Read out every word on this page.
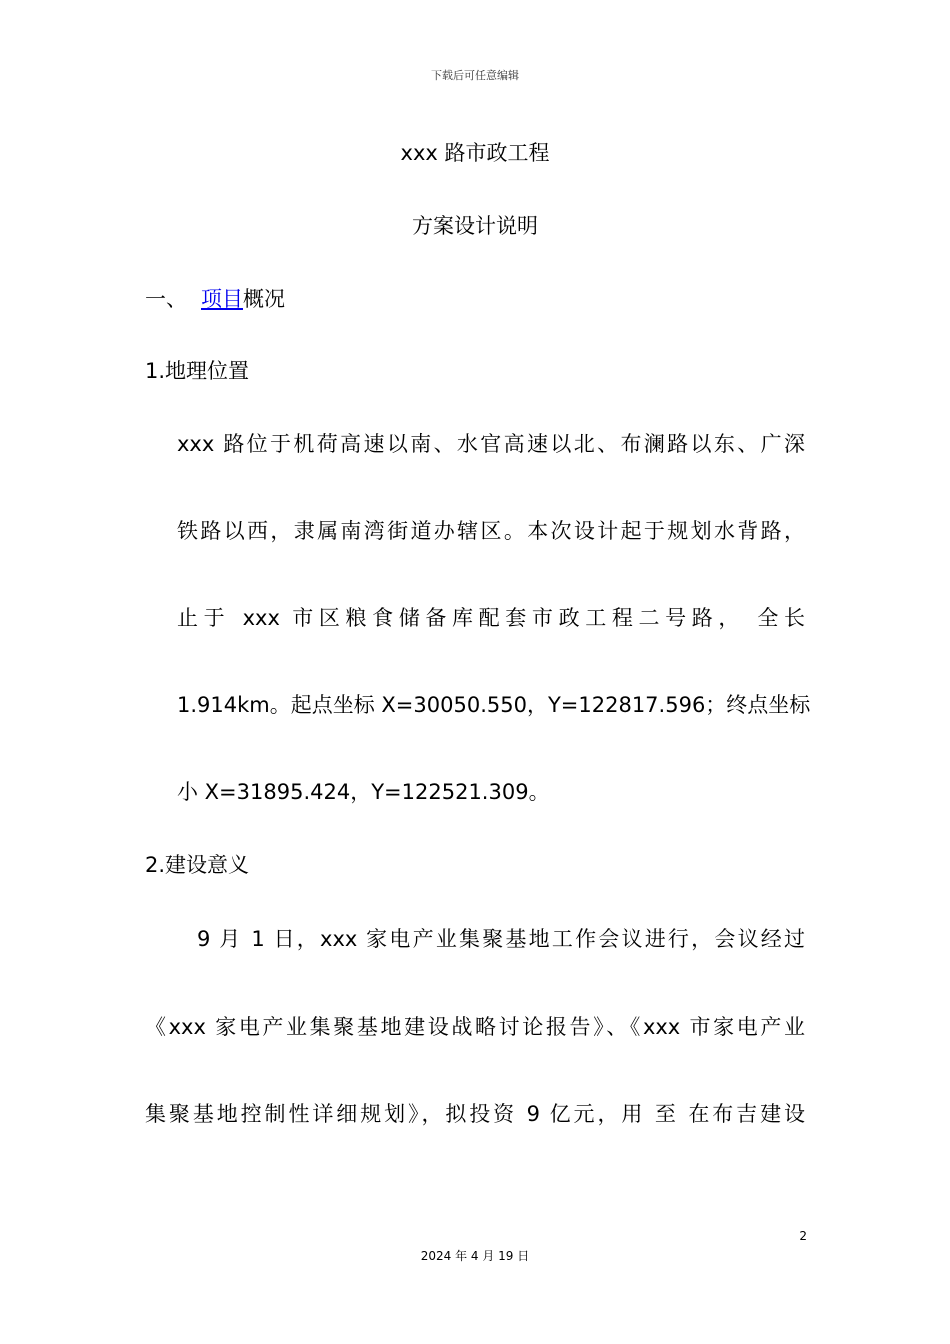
下载后可任意编辑
xxx 路市政工程
方案设计说明
一、 项目概况
1.地理位置
xxx 路位于机荷高速以南、水官高速以北、布澜路以东、广深
铁路以西，隶属南湾街道办辖区。本次设计起于规划水背路，
止于 xxx 市区粮食储备库配套市政工程二号路， 全长
1.914km。起点坐标 X=30050.550，Y=122817.596；终点坐标
小 X=31895.424，Y=122521.309。
2.建设意义
9 月 1 日，xxx 家电产业集聚基地工作会议进行，会议经过
《xxx 家电产业集聚基地建设战略讨论报告》、《xxx 市家电产业
集聚基地控制性详细规划》，拟投资 9 亿元，用 至 在布吉建设
2
2024 年 4 月 19 日
